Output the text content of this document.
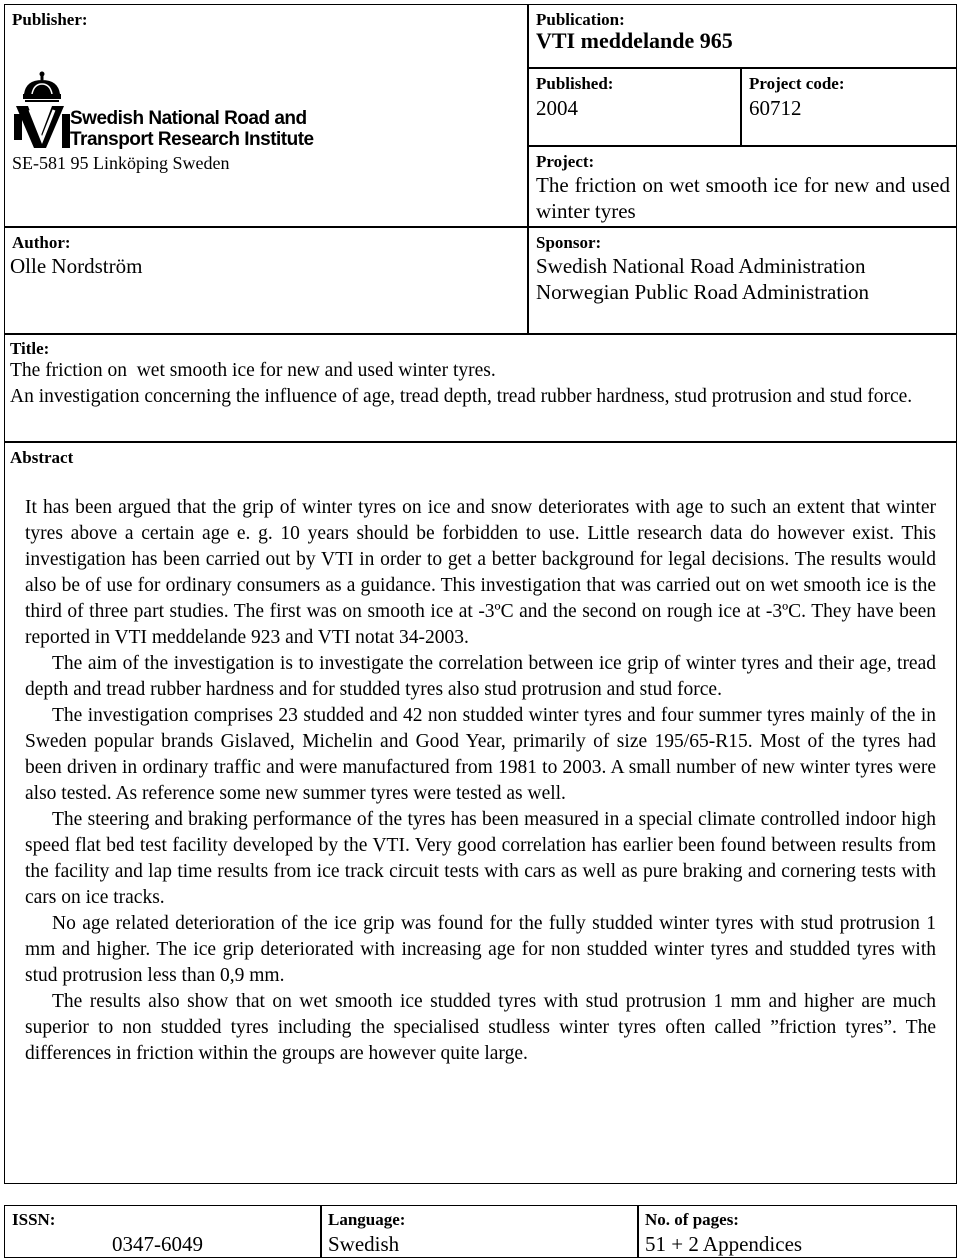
Publisher:
Swedish National Road and
Transport Research Institute
SE-581 95 Linköping Sweden
Author:
Olle Nordström
Publication:
VTI meddelande 965
Published:
2004
Project code:
60712
Project:
The friction on wet smooth ice for new and used winter tyres
Sponsor:
Swedish National Road Administration
Norwegian Public Road Administration
Title:
The friction on  wet smooth ice for new and used winter tyres.
An investigation concerning the influence of age, tread depth, tread rubber hardness, stud protrusion and stud force.
Abstract

It has been argued that the grip of winter tyres on ice and snow deteriorates with age to such an extent that winter tyres above a certain age e. g. 10 years should be forbidden to use. Little research data do however exist. This investigation has been carried out by VTI in order to get a better background for legal decisions. The results would also be of use for ordinary consumers as a guidance. This investigation that was carried out on wet smooth ice is the third of three part studies. The first was on smooth ice at -3ºC and the second on rough ice at -3ºC. They have been reported in VTI meddelande 923 and VTI notat 34-2003.

The aim of the investigation is to investigate the correlation between ice grip of winter tyres and their age, tread depth and tread rubber hardness and for studded tyres also stud protrusion and stud force.

The investigation comprises 23 studded and 42 non studded winter tyres and four summer tyres mainly of the in Sweden popular brands Gislaved, Michelin and Good Year, primarily of size 195/65-R15. Most of the tyres had been driven in ordinary traffic and were manufactured from 1981 to 2003. A small number of new winter tyres were also tested. As reference some new summer tyres were tested as well.

The steering and braking performance of the tyres has been measured in a special climate controlled indoor high speed flat bed test facility developed by the VTI. Very good correlation has earlier been found between results from the facility and lap time results from ice track circuit tests with cars as well as pure braking and cornering tests with cars on ice tracks.

No age related deterioration of the ice grip was found for the fully studded winter tyres with stud protrusion 1 mm and higher. The ice grip deteriorated with increasing age for non studded winter tyres and studded tyres with stud protrusion less than 0,9 mm.

The results also show that on wet smooth ice studded tyres with stud protrusion 1 mm and higher are much superior to non studded tyres including the specialised studless winter tyres often called ”friction tyres”. The differences in friction within the groups are however quite large.

ISSN:
0347-6049
Language:
Swedish
No. of pages:
51 + 2 Appendices
